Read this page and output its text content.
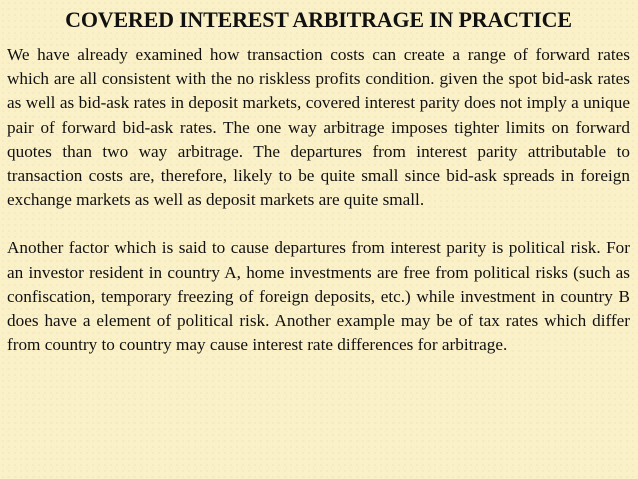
COVERED INTEREST ARBITRAGE IN PRACTICE

We have already examined how transaction costs can create a range of forward rates which are all consistent with the no riskless profits condition. given the spot bid-ask rates as well as bid-ask rates in deposit markets, covered interest parity does not imply a unique pair of forward bid-ask rates. The one way arbitrage imposes tighter limits on forward quotes than two way arbitrage. The departures from interest parity attributable to transaction costs are, therefore, likely to be quite small since bid-ask spreads in foreign exchange markets as well as deposit markets are quite small.

Another factor which is said to cause departures from interest parity is political risk. For an investor resident in country A, home investments are free from political risks (such as confiscation, temporary freezing of foreign deposits, etc.) while investment in country B does have a element of political risk. Another example may be of tax rates which differ from country to country may cause interest rate differences for arbitrage.
